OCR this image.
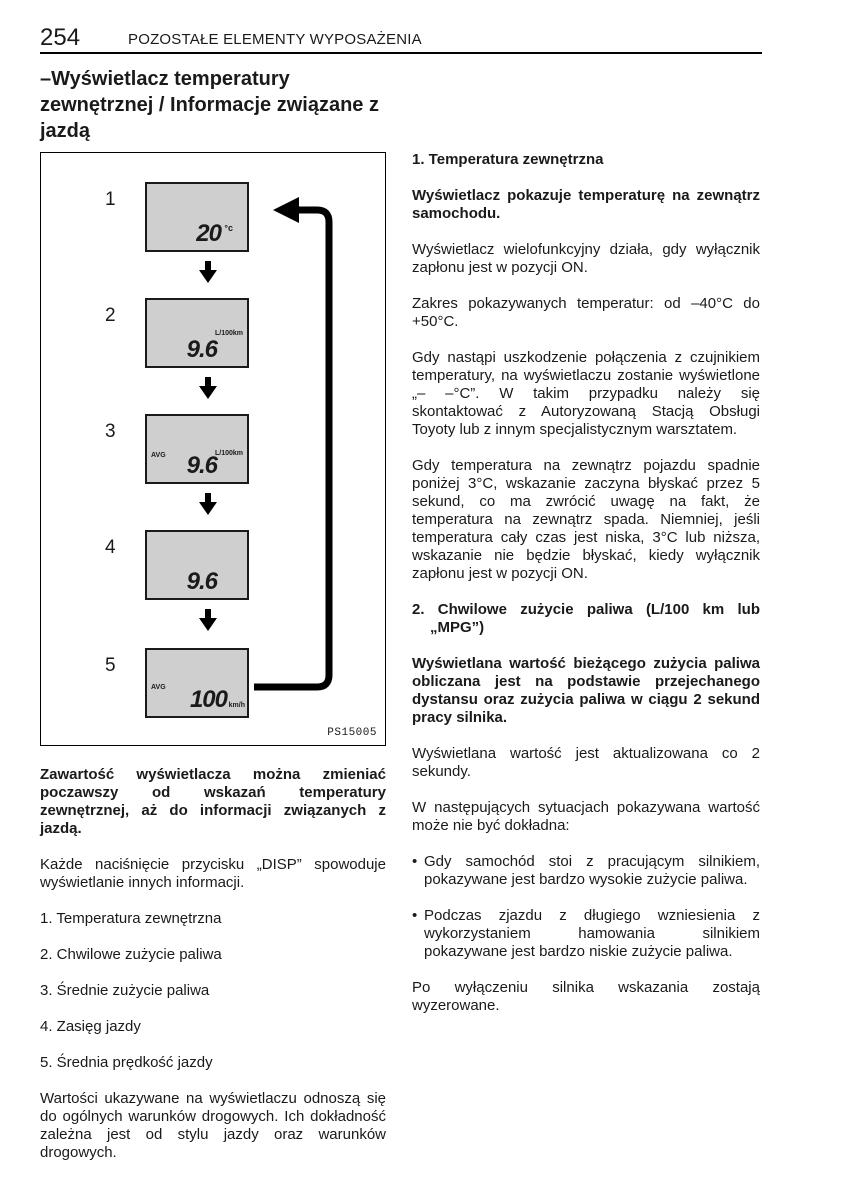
254	POZOSTAŁE ELEMENTY WYPOSAŻENIA
–Wyświetlacz temperatury zewnętrznej / Informacje związane z jazdą
1
20 °c
2
9.6
L/100km
3
AVG 9.6
L/100km
4
9.6
5
AVG 100 km/h
PS15005

Zawartość wyświetlacza można zmieniać poczawszy od wskazań temperatury zewnętrznej, aż do informacji związanych z jazdą.

Każde naciśnięcie przycisku „DISP” spowoduje wyświetlanie innych informacji.

1. Temperatura zewnętrzna

2. Chwilowe zużycie paliwa

3. Średnie zużycie paliwa

4. Zasięg jazdy

5. Średnia prędkość jazdy

Wartości ukazywane na wyświetlaczu odnoszą się do ogólnych warunków drogowych. Ich dokładność zależna jest od stylu jazdy oraz warunków drogowych.

1. Temperatura zewnętrzna

Wyświetlacz pokazuje temperaturę na zewnątrz samochodu.

Wyświetlacz wielofunkcyjny działa, gdy wyłącznik zapłonu jest w pozycji ON.

Zakres pokazywanych temperatur: od –40°C do +50°C.

Gdy nastąpi uszkodzenie połączenia z czujnikiem temperatury, na wyświetlaczu zostanie wyświetlone „– –°C”. W takim przypadku należy się skontaktować z Autoryzowaną Stacją Obsługi Toyoty lub z innym specjalistycznym warsztatem.

Gdy temperatura na zewnątrz pojazdu spadnie poniżej 3°C, wskazanie zaczyna błyskać przez 5 sekund, co ma zwrócić uwagę na fakt, że temperatura na zewnątrz spada. Niemniej, jeśli temperatura cały czas jest niska, 3°C lub niższa, wskazanie nie będzie błyskać, kiedy wyłącznik zapłonu jest w pozycji ON.

2. Chwilowe zużycie paliwa (L/100 km lub „MPG”)

Wyświetlana wartość bieżącego zużycia paliwa obliczana jest na podstawie przejechanego dystansu oraz zużycia paliwa w ciągu 2 sekund pracy silnika.

Wyświetlana wartość jest aktualizowana co 2 sekundy.

W następujących sytuacjach pokazywana wartość może nie być dokładna:

• Gdy samochód stoi z pracującym silnikiem, pokazywane jest bardzo wysokie zużycie paliwa.

• Podczas zjazdu z długiego wzniesienia z wykorzystaniem hamowania silnikiem pokazywane jest bardzo niskie zużycie paliwa.

Po wyłączeniu silnika wskazania zostają wyzerowane.
